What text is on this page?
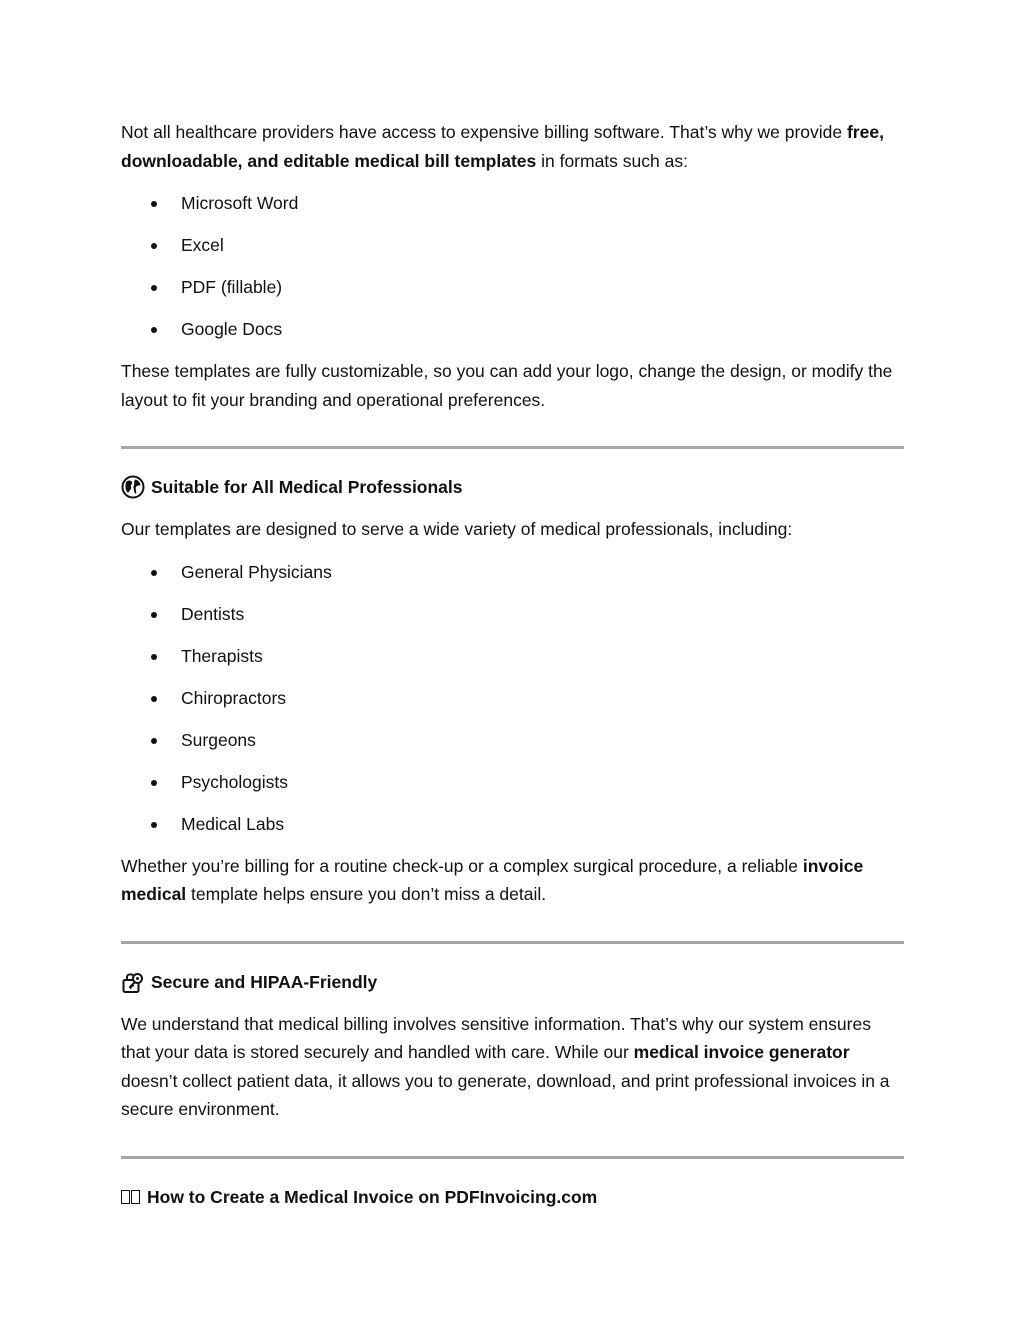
Not all healthcare providers have access to expensive billing software. That’s why we provide free, downloadable, and editable medical bill templates in formats such as:

Microsoft Word
Excel
PDF (fillable)
Google Docs

These templates are fully customizable, so you can add your logo, change the design, or modify the layout to fit your branding and operational preferences.

Suitable for All Medical Professionals

Our templates are designed to serve a wide variety of medical professionals, including:

General Physicians
Dentists
Therapists
Chiropractors
Surgeons
Psychologists
Medical Labs

Whether you’re billing for a routine check-up or a complex surgical procedure, a reliable invoice medical template helps ensure you don’t miss a detail.

Secure and HIPAA-Friendly

We understand that medical billing involves sensitive information. That’s why our system ensures that your data is stored securely and handled with care. While our medical invoice generator doesn’t collect patient data, it allows you to generate, download, and print professional invoices in a secure environment.

How to Create a Medical Invoice on PDFInvoicing.com
